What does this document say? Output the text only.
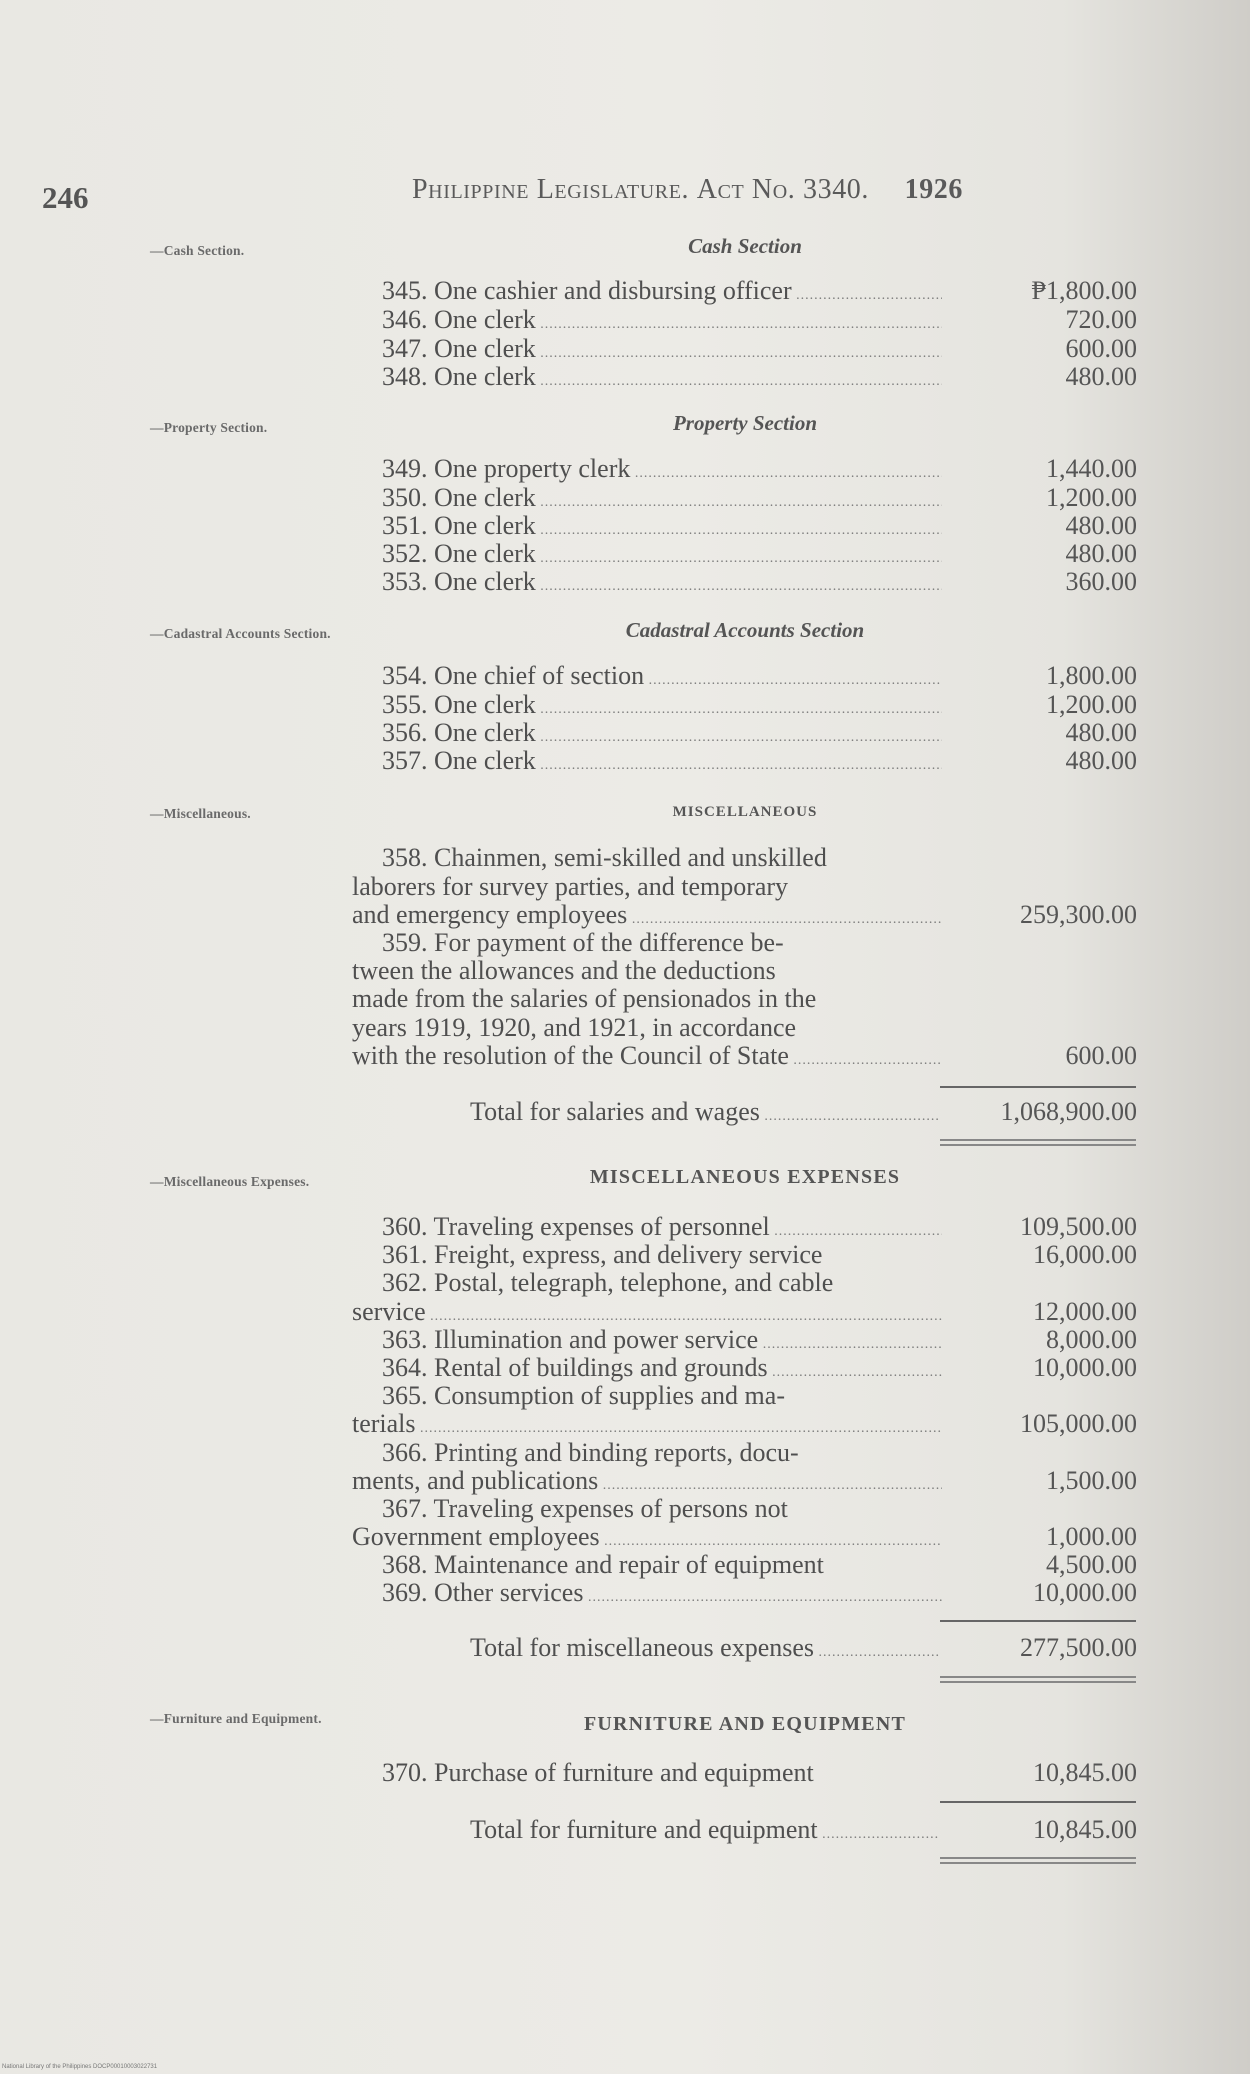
246	Philippine Legislature. Act No. 3340. 1926
—Cash Section.
—Property Section.
—Cadastral Accounts Section.
—Miscellaneous.
—Miscellaneous Expenses.
—Furniture and Equipment.
Cash Section
345. One cashier and disbursing officer .....	₱1,800.00
346. One clerk .....	720.00
347. One clerk .....	600.00
348. One clerk .....	480.00
Property Section
349. One property clerk .....	1,440.00
350. One clerk .....	1,200.00
351. One clerk .....	480.00
352. One clerk .....	480.00
353. One clerk .....	360.00
Cadastral Accounts Section
354. One chief of section .....	1,800.00
355. One clerk .....	1,200.00
356. One clerk .....	480.00
357. One clerk .....	480.00
MISCELLANEOUS
358. Chainmen, semi-skilled and unskilled
laborers for survey parties, and temporary
and emergency employees .....	259,300.00
359. For payment of the difference be-
tween the allowances and the deductions
made from the salaries of pensionados in the
years 1919, 1920, and 1921, in accordance
with the resolution of the Council of State .....	600.00
Total for salaries and wages .....	1,068,900.00
MISCELLANEOUS EXPENSES
360. Traveling expenses of personnel .....	109,500.00
361. Freight, express, and delivery service	16,000.00
362. Postal, telegraph, telephone, and cable
service .....	12,000.00
363. Illumination and power service .....	8,000.00
364. Rental of buildings and grounds .....	10,000.00
365. Consumption of supplies and ma-
terials .....	105,000.00
366. Printing and binding reports, docu-
ments, and publications .....	1,500.00
367. Traveling expenses of persons not
Government employees .....	1,000.00
368. Maintenance and repair of equipment	4,500.00
369. Other services .....	10,000.00
Total for miscellaneous expenses .....	277,500.00
FURNITURE AND EQUIPMENT
370. Purchase of furniture and equipment	10,845.00
Total for furniture and equipment .....	10,845.00
National Library of the Philippines DOCP00010003022731
